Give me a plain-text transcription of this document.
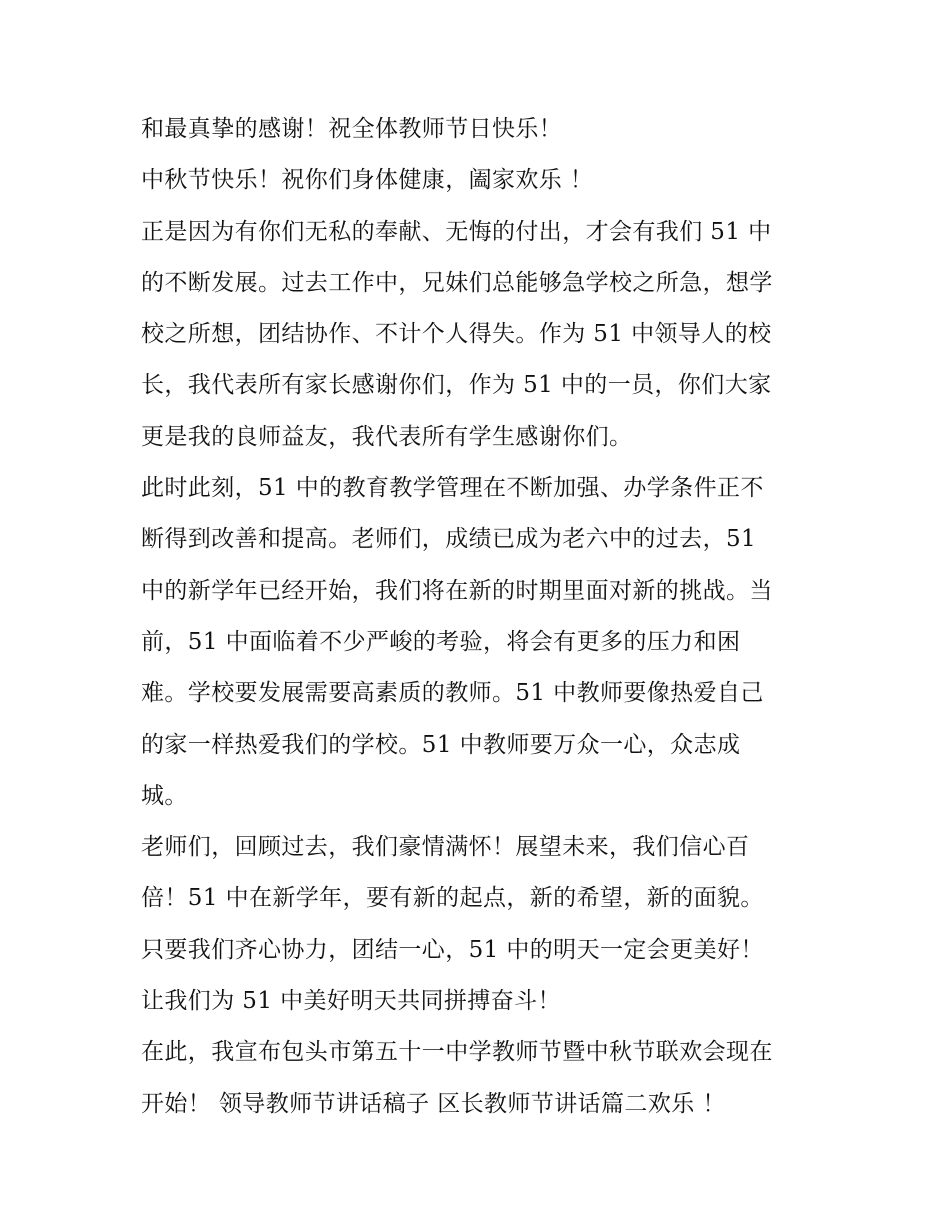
和最真挚的感谢！祝全体教师节日快乐！
中秋节快乐！祝你们身体健康，阖家欢乐 ！
正是因为有你们无私的奉献、无悔的付出，才会有我们 51 中
的不断发展。过去工作中，兄妹们总能够急学校之所急，想学
校之所想，团结协作、不计个人得失。作为 51 中领导人的校
长，我代表所有家长感谢你们，作为 51 中的一员，你们大家
更是我的良师益友，我代表所有学生感谢你们。
此时此刻，51 中的教育教学管理在不断加强、办学条件正不
断得到改善和提高。老师们，成绩已成为老六中的过去，51
中的新学年已经开始，我们将在新的时期里面对新的挑战。当
前，51 中面临着不少严峻的考验，将会有更多的压力和困
难。学校要发展需要高素质的教师。51 中教师要像热爱自己
的家一样热爱我们的学校。51 中教师要万众一心，众志成
城。
老师们，回顾过去，我们豪情满怀！展望未来，我们信心百
倍！51 中在新学年，要有新的起点，新的希望，新的面貌。
只要我们齐心协力，团结一心，51 中的明天一定会更美好！
让我们为 51 中美好明天共同拼搏奋斗！
在此，我宣布包头市第五十一中学教师节暨中秋节联欢会现在
开始！ 领导教师节讲话稿子 区长教师节讲话篇二欢乐 ！
